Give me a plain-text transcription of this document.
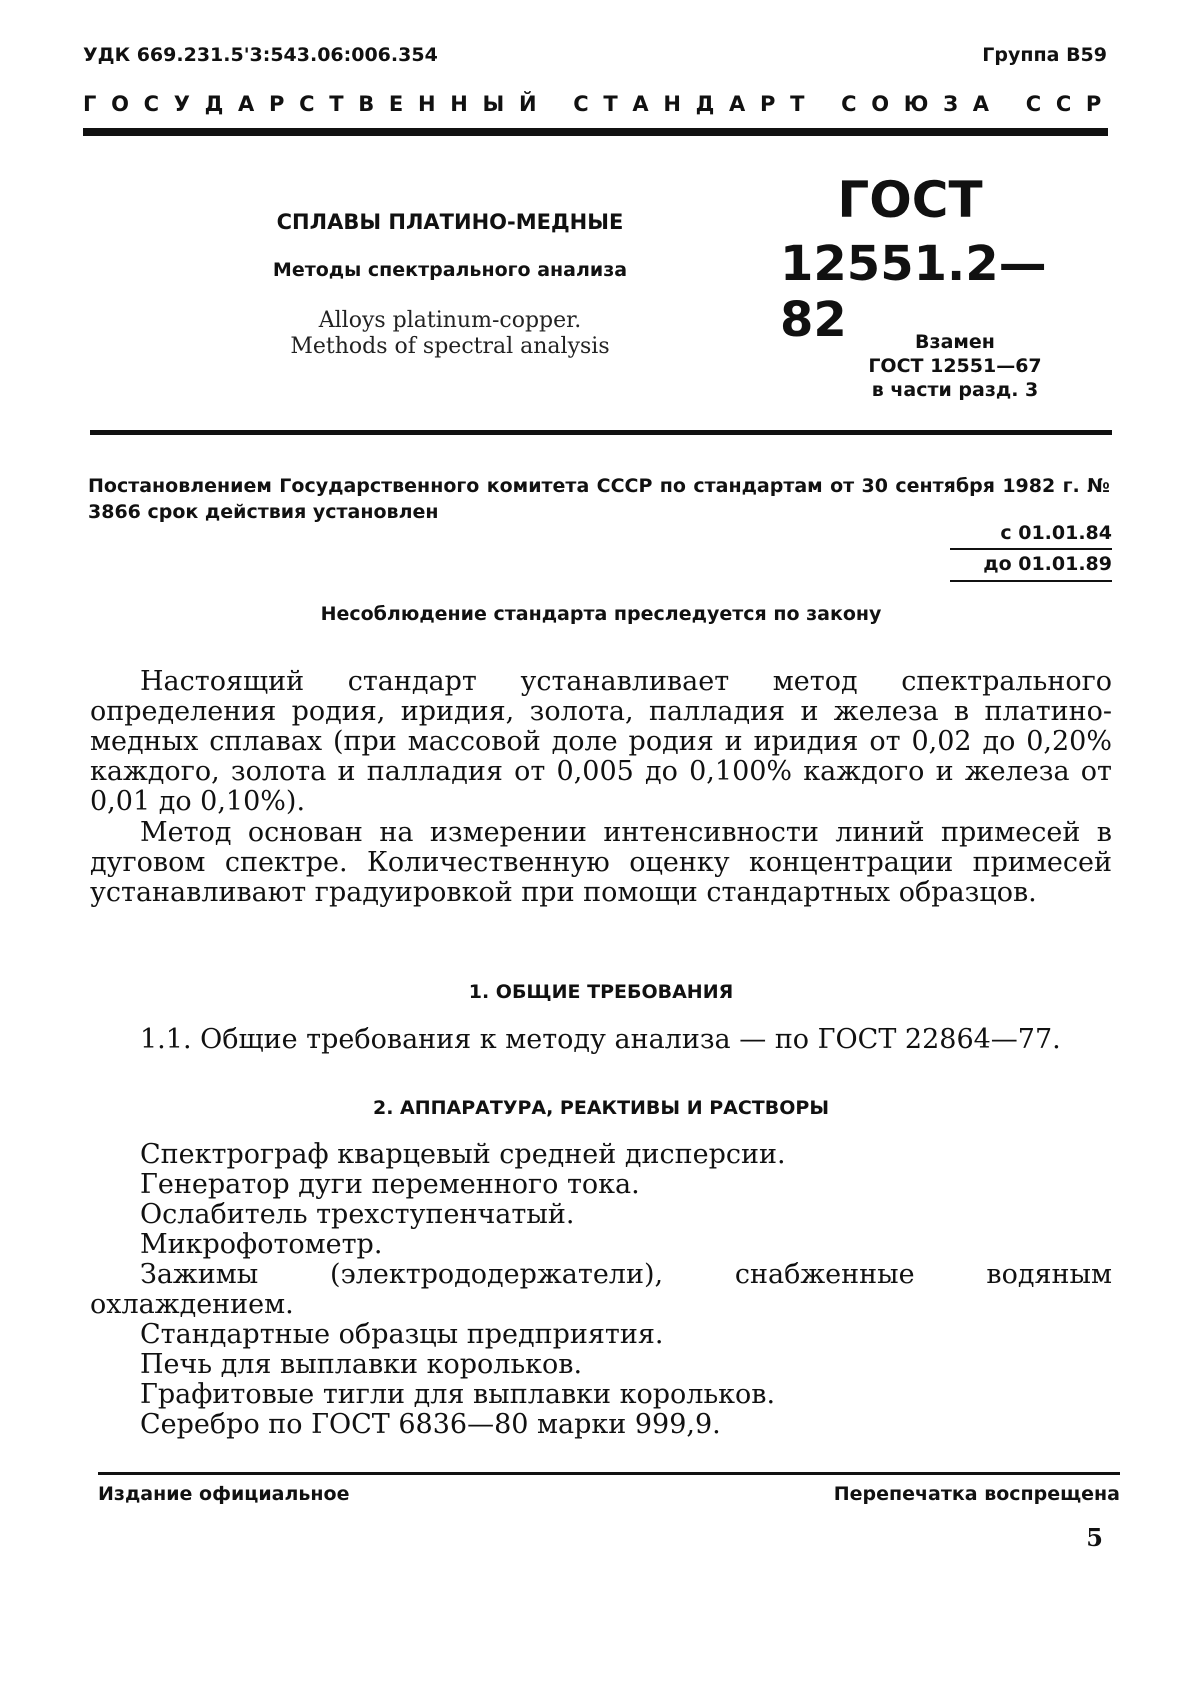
УДК 669.231.5'3:543.06:006.354	Группа В59
ГОСУДАРСТВЕННЫЙ СТАНДАРТ СОЮЗА ССР
СПЛАВЫ ПЛАТИНО-МЕДНЫЕ
Методы спектрального анализа
Alloys platinum-copper.
Methods of spectral analysis
ГОСТ
12551.2—82	Взамен
ГОСТ 12551—67
в части разд. 3
Постановлением Государственного комитета СССР по стандартам от 30 сентября 1982 г. № 3866 срок действия установлен
с 01.01.84
до 01.01.89
Несоблюдение стандарта преследуется по закону
Настоящий стандарт устанавливает метод спектрального определения родия, иридия, золота, палладия и железа в платино-медных сплавах (при массовой доле родия и иридия от 0,02 до 0,20% каждого, золота и палладия от 0,005 до 0,100% каждого и железа от 0,01 до 0,10%).
Метод основан на измерении интенсивности линий примесей в дуговом спектре. Количественную оценку концентрации примесей устанавливают градуировкой при помощи стандартных образцов.
1. ОБЩИЕ ТРЕБОВАНИЯ
1.1. Общие требования к методу анализа — по ГОСТ 22864—77.
2. АППАРАТУРА, РЕАКТИВЫ И РАСТВОРЫ
Спектрограф кварцевый средней дисперсии.
Генератор дуги переменного тока.
Ослабитель трехступенчатый.
Микрофотометр.
Зажимы (электрододержатели), снабженные водяным охлаждением.
Стандартные образцы предприятия.
Печь для выплавки корольков.
Графитовые тигли для выплавки корольков.
Серебро по ГОСТ 6836—80 марки 999,9.
Издание официальное	Перепечатка воспрещена
5
